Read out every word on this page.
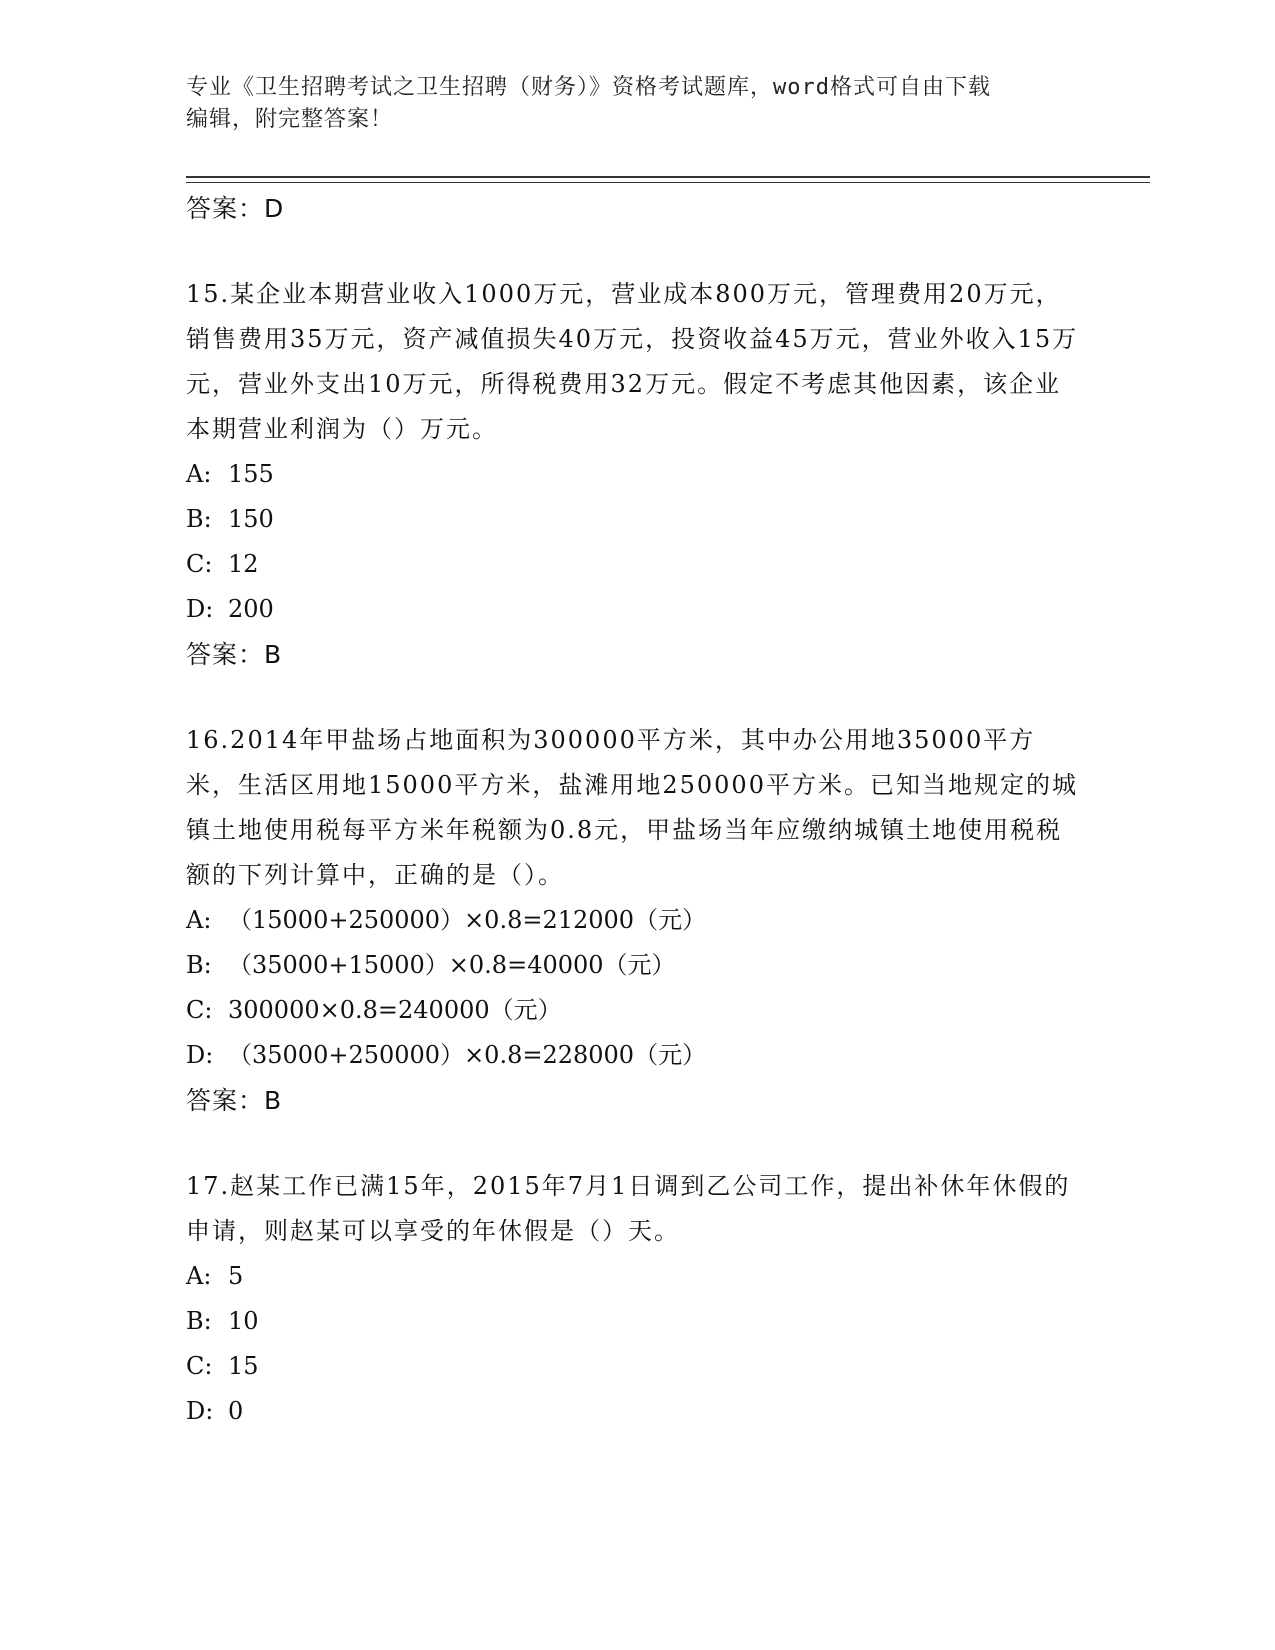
专业《卫生招聘考试之卫生招聘（财务）》资格考试题库，word格式可自由下载
编辑，附完整答案！
答案：D
15.某企业本期营业收入1000万元，营业成本800万元，管理费用20万元，销售费用35万元，资产减值损失40万元，投资收益45万元，营业外收入15万元，营业外支出10万元，所得税费用32万元。假定不考虑其他因素，该企业本期营业利润为（）万元。
A: 155
B: 150
C: 12
D: 200
答案：B
16.2014年甲盐场占地面积为300000平方米，其中办公用地35000平方米，生活区用地15000平方米，盐滩用地250000平方米。已知当地规定的城镇土地使用税每平方米年税额为0.8元，甲盐场当年应缴纳城镇土地使用税税额的下列计算中，正确的是（）。
A: （15000+250000）×0.8=212000（元）
B: （35000+15000）×0.8=40000（元）
C: 300000×0.8=240000（元）
D: （35000+250000）×0.8=228000（元）
答案：B
17.赵某工作已满15年，2015年7月1日调到乙公司工作，提出补休年休假的申请，则赵某可以享受的年休假是（）天。
A: 5
B: 10
C: 15
D: 0
